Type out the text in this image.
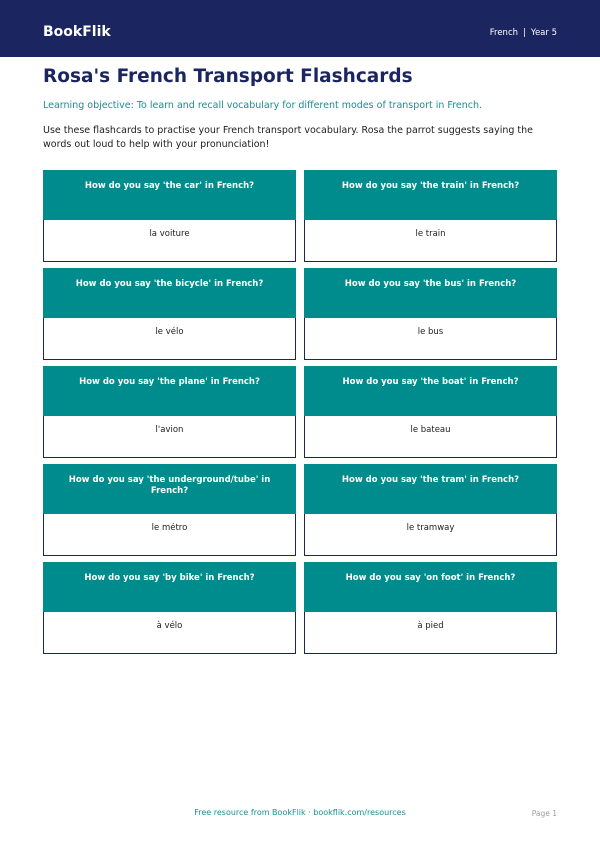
BookFlik	French | Year 5
Rosa's French Transport Flashcards
Learning objective: To learn and recall vocabulary for different modes of transport in French.
Use these flashcards to practise your French transport vocabulary. Rosa the parrot suggests saying the words out loud to help with your pronunciation!
How do you say 'the car' in French?
la voiture
How do you say 'the train' in French?
le train
How do you say 'the bicycle' in French?
le vélo
How do you say 'the bus' in French?
le bus
How do you say 'the plane' in French?
l'avion
How do you say 'the boat' in French?
le bateau
How do you say 'the underground/tube' in French?
le métro
How do you say 'the tram' in French?
le tramway
How do you say 'by bike' in French?
à vélo
How do you say 'on foot' in French?
à pied
Free resource from BookFlik · bookflik.com/resources	Page 1
